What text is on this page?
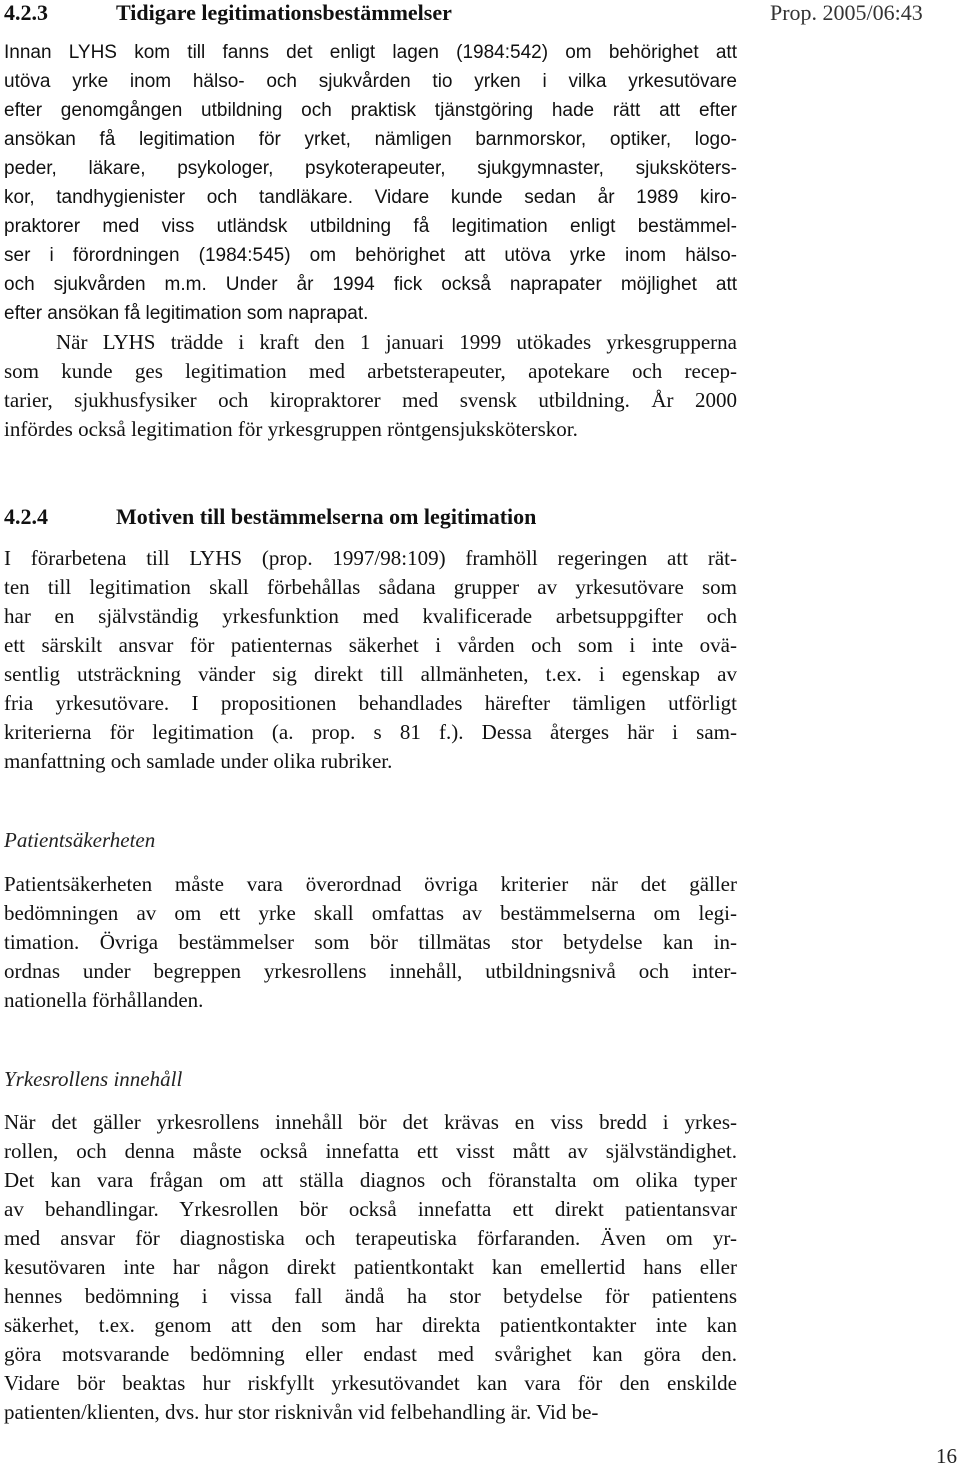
4.2.3	Tidigare legitimationsbestämmelser	Prop. 2005/06:43
Innan LYHS kom till fanns det enligt lagen (1984:542) om behörighet att
utöva yrke inom hälso- och sjukvården tio yrken i vilka yrkesutövare
efter genomgången utbildning och praktisk tjänstgöring hade rätt att efter
ansökan få legitimation för yrket, nämligen barnmorskor, optiker, logo-
peder, läkare, psykologer, psykoterapeuter, sjukgymnaster, sjuksköters-
kor, tandhygienister och tandläkare. Vidare kunde sedan år 1989 kiro-
praktorer med viss utländsk utbildning få legitimation enligt bestämmel-
ser i förordningen (1984:545) om behörighet att utöva yrke inom hälso-
och sjukvården m.m. Under år 1994 fick också naprapater möjlighet att
efter ansökan få legitimation som naprapat.
När LYHS trädde i kraft den 1 januari 1999 utökades yrkesgrupperna
som kunde ges legitimation med arbetsterapeuter, apotekare och recep-
tarier, sjukhusfysiker och kiropraktorer med svensk utbildning. År 2000
infördes också legitimation för yrkesgruppen röntgensjuksköterskor.
4.2.4	Motiven till bestämmelserna om legitimation
I förarbetena till LYHS (prop. 1997/98:109) framhöll regeringen att rät-
ten till legitimation skall förbehållas sådana grupper av yrkesutövare som
har en självständig yrkesfunktion med kvalificerade arbetsuppgifter och
ett särskilt ansvar för patienternas säkerhet i vården och som i inte ovä-
sentlig utsträckning vänder sig direkt till allmänheten, t.ex. i egenskap av
fria yrkesutövare. I propositionen behandlades härefter tämligen utförligt
kriterierna för legitimation (a. prop. s 81 f.). Dessa återges här i sam-
manfattning och samlade under olika rubriker.
Patientsäkerheten
Patientsäkerheten måste vara överordnad övriga kriterier när det gäller
bedömningen av om ett yrke skall omfattas av bestämmelserna om legi-
timation. Övriga bestämmelser som bör tillmätas stor betydelse kan in-
ordnas under begreppen yrkesrollens innehåll, utbildningsnivå och inter-
nationella förhållanden.
Yrkesrollens innehåll
När det gäller yrkesrollens innehåll bör det krävas en viss bredd i yrkes-
rollen, och denna måste också innefatta ett visst mått av självständighet.
Det kan vara frågan om att ställa diagnos och föranstalta om olika typer
av behandlingar. Yrkesrollen bör också innefatta ett direkt patientansvar
med ansvar för diagnostiska och terapeutiska förfaranden. Även om yr-
kesutövaren inte har någon direkt patientkontakt kan emellertid hans eller
hennes bedömning i vissa fall ändå ha stor betydelse för patientens
säkerhet, t.ex. genom att den som har direkta patientkontakter inte kan
göra motsvarande bedömning eller endast med svårighet kan göra den.
Vidare bör beaktas hur riskfyllt yrkesutövandet kan vara för den enskilde
patienten/klienten, dvs. hur stor risknivån vid felbehandling är. Vid be-
16
